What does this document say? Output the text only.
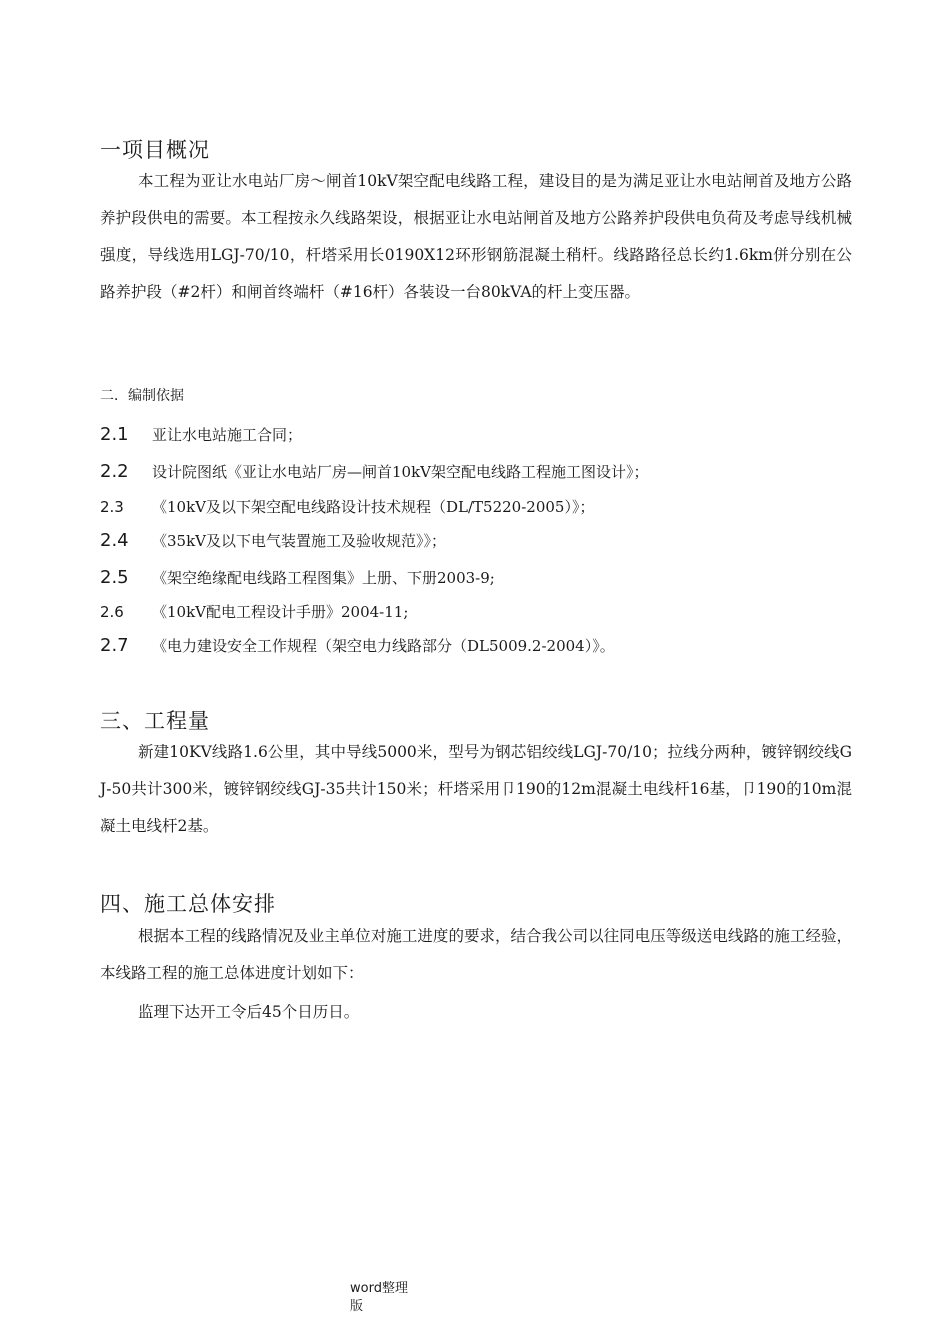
一项目概况
本工程为亚让水电站厂房～闸首10kV架空配电线路工程，建设目的是为满足亚让水电站闸首及地方公路养护段供电的需要。本工程按永久线路架设，根据亚让水电站闸首及地方公路养护段供电负荷及考虑导线机械强度，导线选用LGJ-70/10，杆塔采用长0190X12环形钢筋混凝土稍杆。线路路径总长约1.6km併分别在公路养护段（#2杆）和闸首终端杆（#16杆）各装设一台80kVA的杆上变压器。
二．编制依据
2.1 亚让水电站施工合同；
2.2 设计院图纸《亚让水电站厂房—闸首10kV架空配电线路工程施工图设计》；
2.3 《10kV及以下架空配电线路设计技术规程（DL/T5220-2005）》；
2.4 《35kV及以下电气装置施工及验收规范》》；
2.5 《架空绝缘配电线路工程图集》上册、下册2003-9;
2.6 《10kV配电工程设计手册》2004-11;
2.7 《电力建设安全工作规程（架空电力线路部分（DL5009.2-2004）》。
三、工程量
新建10KV线路1.6公里，其中导线5000米，型号为钢芯铝绞线LGJ-70/10；拉线分两种，镀锌钢绞线GJ-50共计300米，镀锌钢绞线GJ-35共计150米；杆塔采用卩190的12m混凝土电线杆16基，卩190的10m混凝土电线杆2基。
四、施工总体安排
根据本工程的线路情况及业主单位对施工进度的要求，结合我公司以往同电压等级送电线路的施工经验，本线路工程的施工总体进度计划如下：
监理下达开工令后45个日历日。
word整理版
